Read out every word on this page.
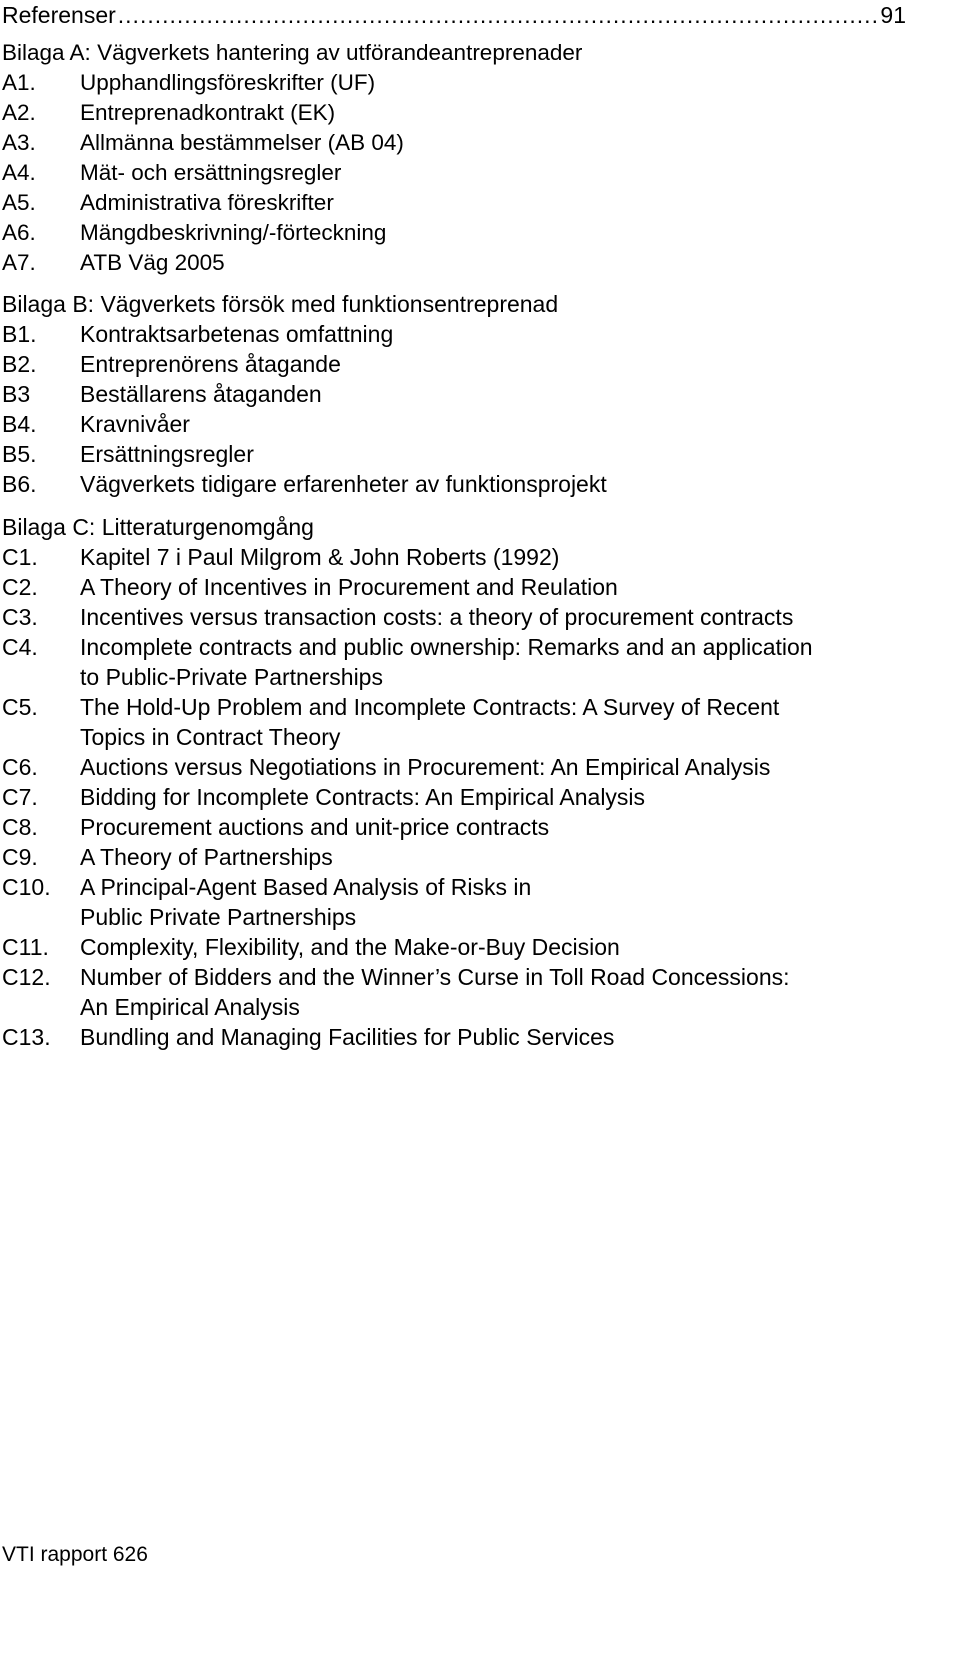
Referenser
.....	91
Bilaga A: Vägverkets hantering av utförandeantreprenader
A1.	Upphandlingsföreskrifter (UF)
A2.	Entreprenadkontrakt (EK)
A3.	Allmänna bestämmelser (AB 04)
A4.	Mät- och ersättningsregler
A5.	Administrativa föreskrifter
A6.	Mängdbeskrivning/-förteckning
A7.	ATB Väg 2005
Bilaga B: Vägverkets försök med funktionsentreprenad
B1.	Kontraktsarbetenas omfattning
B2.	Entreprenörens åtagande
B3	Beställarens åtaganden
B4.	Kravnivåer
B5.	Ersättningsregler
B6.	Vägverkets tidigare erfarenheter av funktionsprojekt
Bilaga C: Litteraturgenomgång
C1.	Kapitel 7 i Paul Milgrom & John Roberts (1992)
C2.	A Theory of Incentives in Procurement and Reulation
C3.	Incentives versus transaction costs: a theory of procurement contracts
C4.	Incomplete contracts and public ownership: Remarks and an application
to Public-Private Partnerships
C5.	The Hold-Up Problem and Incomplete Contracts: A Survey of Recent
Topics in Contract Theory
C6.	Auctions versus Negotiations in Procurement: An Empirical Analysis
C7.	Bidding for Incomplete Contracts: An Empirical Analysis
C8.	Procurement auctions and unit-price contracts
C9.	A Theory of Partnerships
C10.	A Principal-Agent Based Analysis of Risks in
Public Private Partnerships
C11.	Complexity, Flexibility, and the Make-or-Buy Decision
C12.	Number of Bidders and the Winner’s Curse in Toll Road Concessions:
An Empirical Analysis
C13.	Bundling and Managing Facilities for Public Services
VTI rapport 626
